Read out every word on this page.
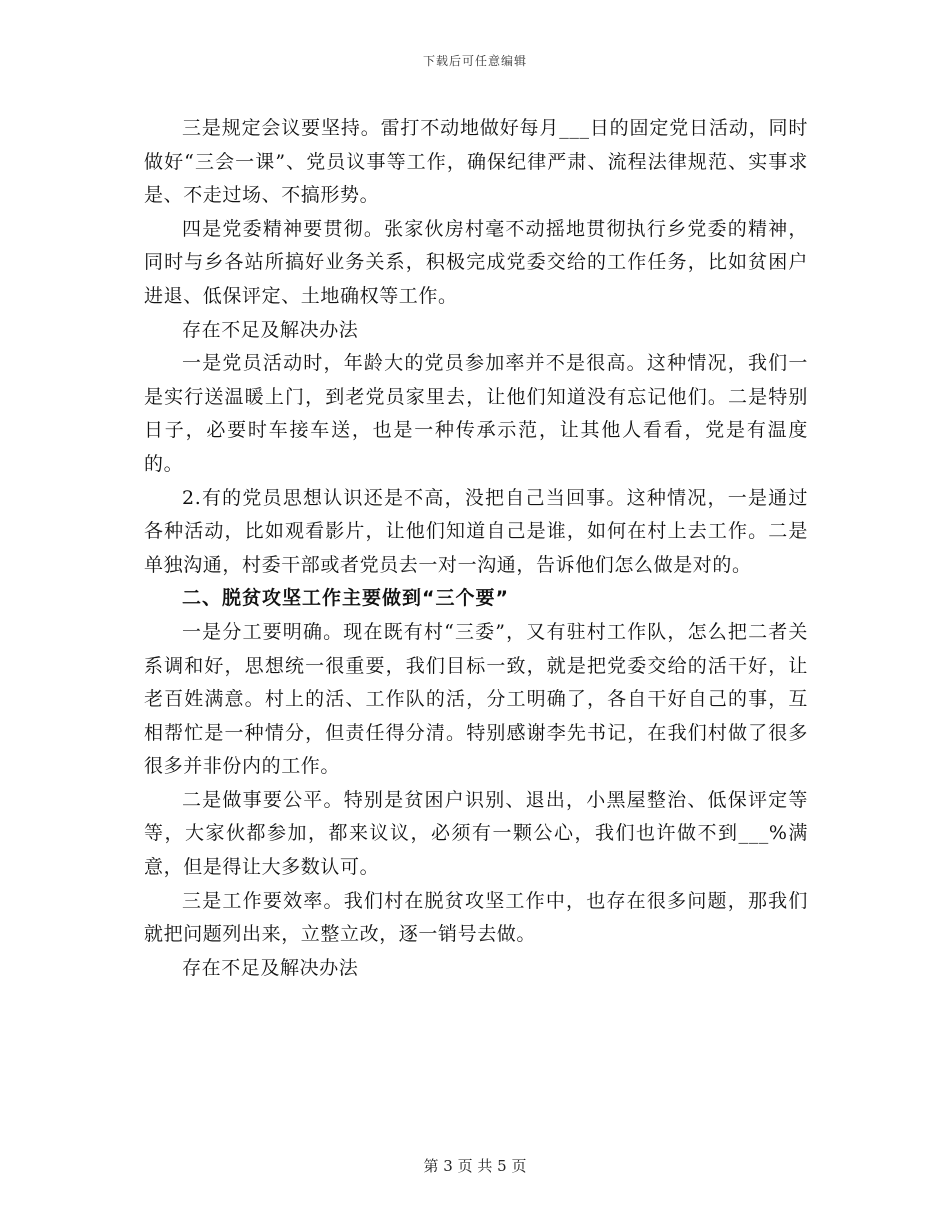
下载后可任意编辑

三是规定会议要坚持。雷打不动地做好每月___日的固定党日活动，同时做好“三会一课”、党员议事等工作，确保纪律严肃、流程法律规范、实事求是、不走过场、不搞形势。

四是党委精神要贯彻。张家伙房村毫不动摇地贯彻执行乡党委的精神，同时与乡各站所搞好业务关系，积极完成党委交给的工作任务，比如贫困户进退、低保评定、土地确权等工作。

存在不足及解决办法

一是党员活动时，年龄大的党员参加率并不是很高。这种情况，我们一是实行送温暖上门，到老党员家里去，让他们知道没有忘记他们。二是特别日子，必要时车接车送，也是一种传承示范，让其他人看看，党是有温度的。

2.有的党员思想认识还是不高，没把自己当回事。这种情况，一是通过各种活动，比如观看影片，让他们知道自己是谁，如何在村上去工作。二是单独沟通，村委干部或者党员去一对一沟通，告诉他们怎么做是对的。

二、脱贫攻坚工作主要做到“三个要”

一是分工要明确。现在既有村“三委”，又有驻村工作队，怎么把二者关系调和好，思想统一很重要，我们目标一致，就是把党委交给的活干好，让老百姓满意。村上的活、工作队的活，分工明确了，各自干好自己的事，互相帮忙是一种情分，但责任得分清。特别感谢李先书记，在我们村做了很多很多并非份内的工作。

二是做事要公平。特别是贫困户识别、退出，小黑屋整治、低保评定等等，大家伙都参加，都来议议，必须有一颗公心，我们也许做不到___%满意，但是得让大多数认可。

三是工作要效率。我们村在脱贫攻坚工作中，也存在很多问题，那我们就把问题列出来，立整立改，逐一销号去做。

存在不足及解决办法

第 3 页 共 5 页
